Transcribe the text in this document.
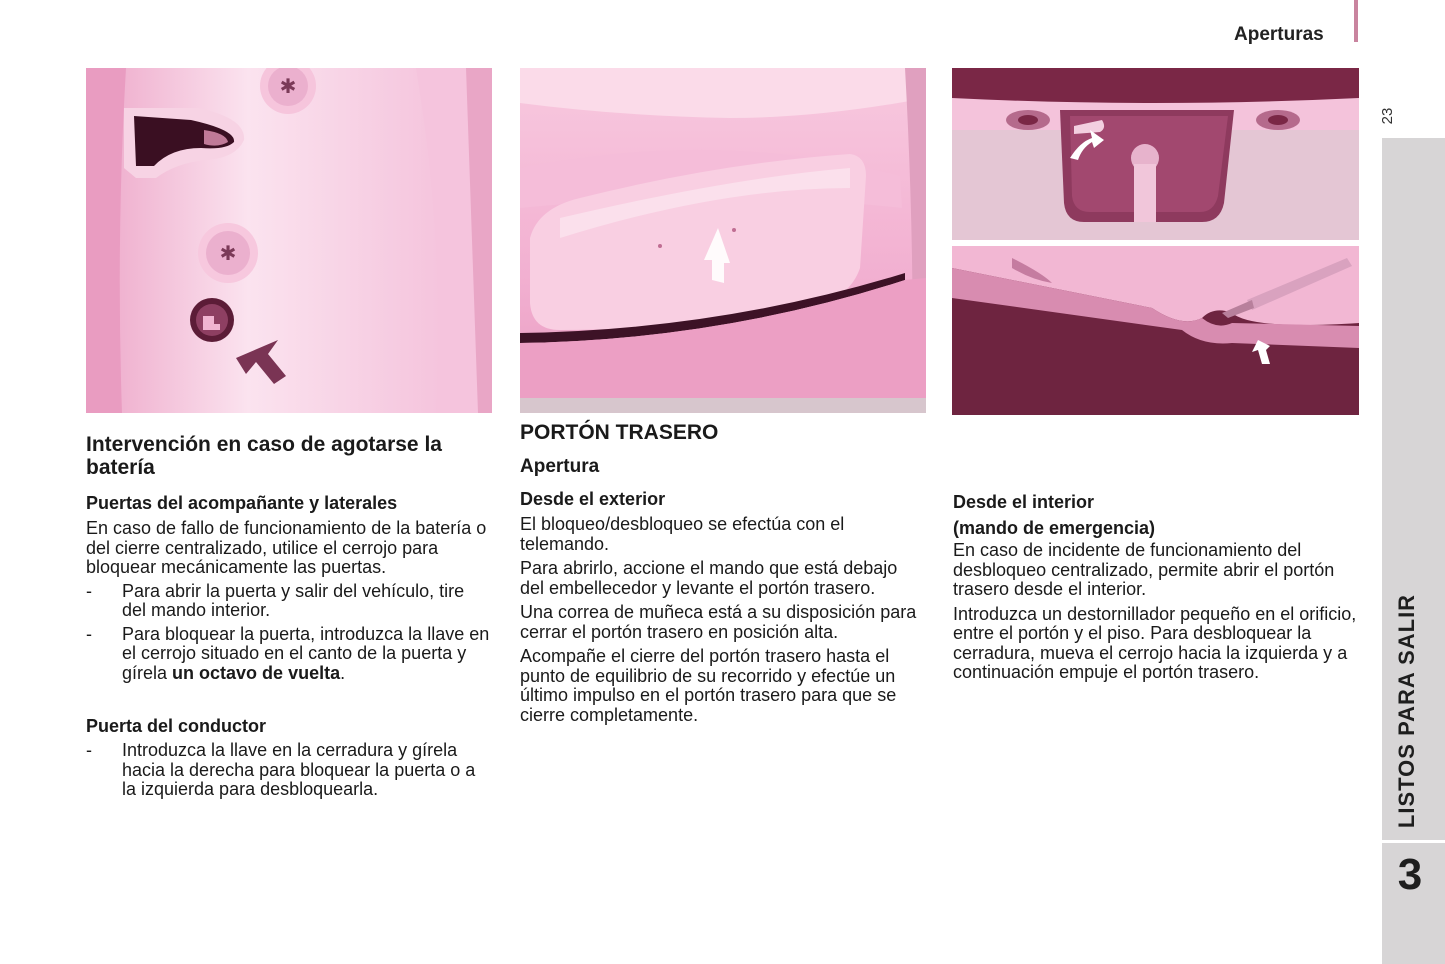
Aperturas
23
LISTOS PARA SALIR
3
✱
✱
Intervención en caso de agotarse la batería
Puertas del acompañante y laterales

En caso de fallo de funcionamiento de la batería o del cierre centralizado, utilice el cerrojo para bloquear mecánicamente las puertas.

- Para abrir la puerta y salir del vehículo, tire del mando interior.
- Para bloquear la puerta, introduzca la llave en el cerrojo situado en el canto de la puerta y gírela un octavo de vuelta.
Puerta del conductor
- Introduzca la llave en la cerradura y gírela hacia la derecha para bloquear la puerta o a la izquierda para desbloquearla.
PORTÓN TRASERO
Apertura
Desde el exterior

El bloqueo/desbloqueo se efectúa con el telemando.

Para abrirlo, accione el mando que está debajo del embellecedor y levante el portón trasero.

Una correa de muñeca está a su disposición para cerrar el portón trasero en posición alta.

Acompañe el cierre del portón trasero hasta el punto de equilibrio de su recorrido y efectúe un último impulso en el portón trasero para que se cierre completamente.

Desde el interior
(mando de emergencia)

En caso de incidente de funcionamiento del desbloqueo centralizado, permite abrir el portón trasero desde el interior.

Introduzca un destornillador pequeño en el orificio, entre el portón y el piso. Para desbloquear la cerradura, mueva el cerrojo hacia la izquierda y a continuación empuje el portón trasero.
